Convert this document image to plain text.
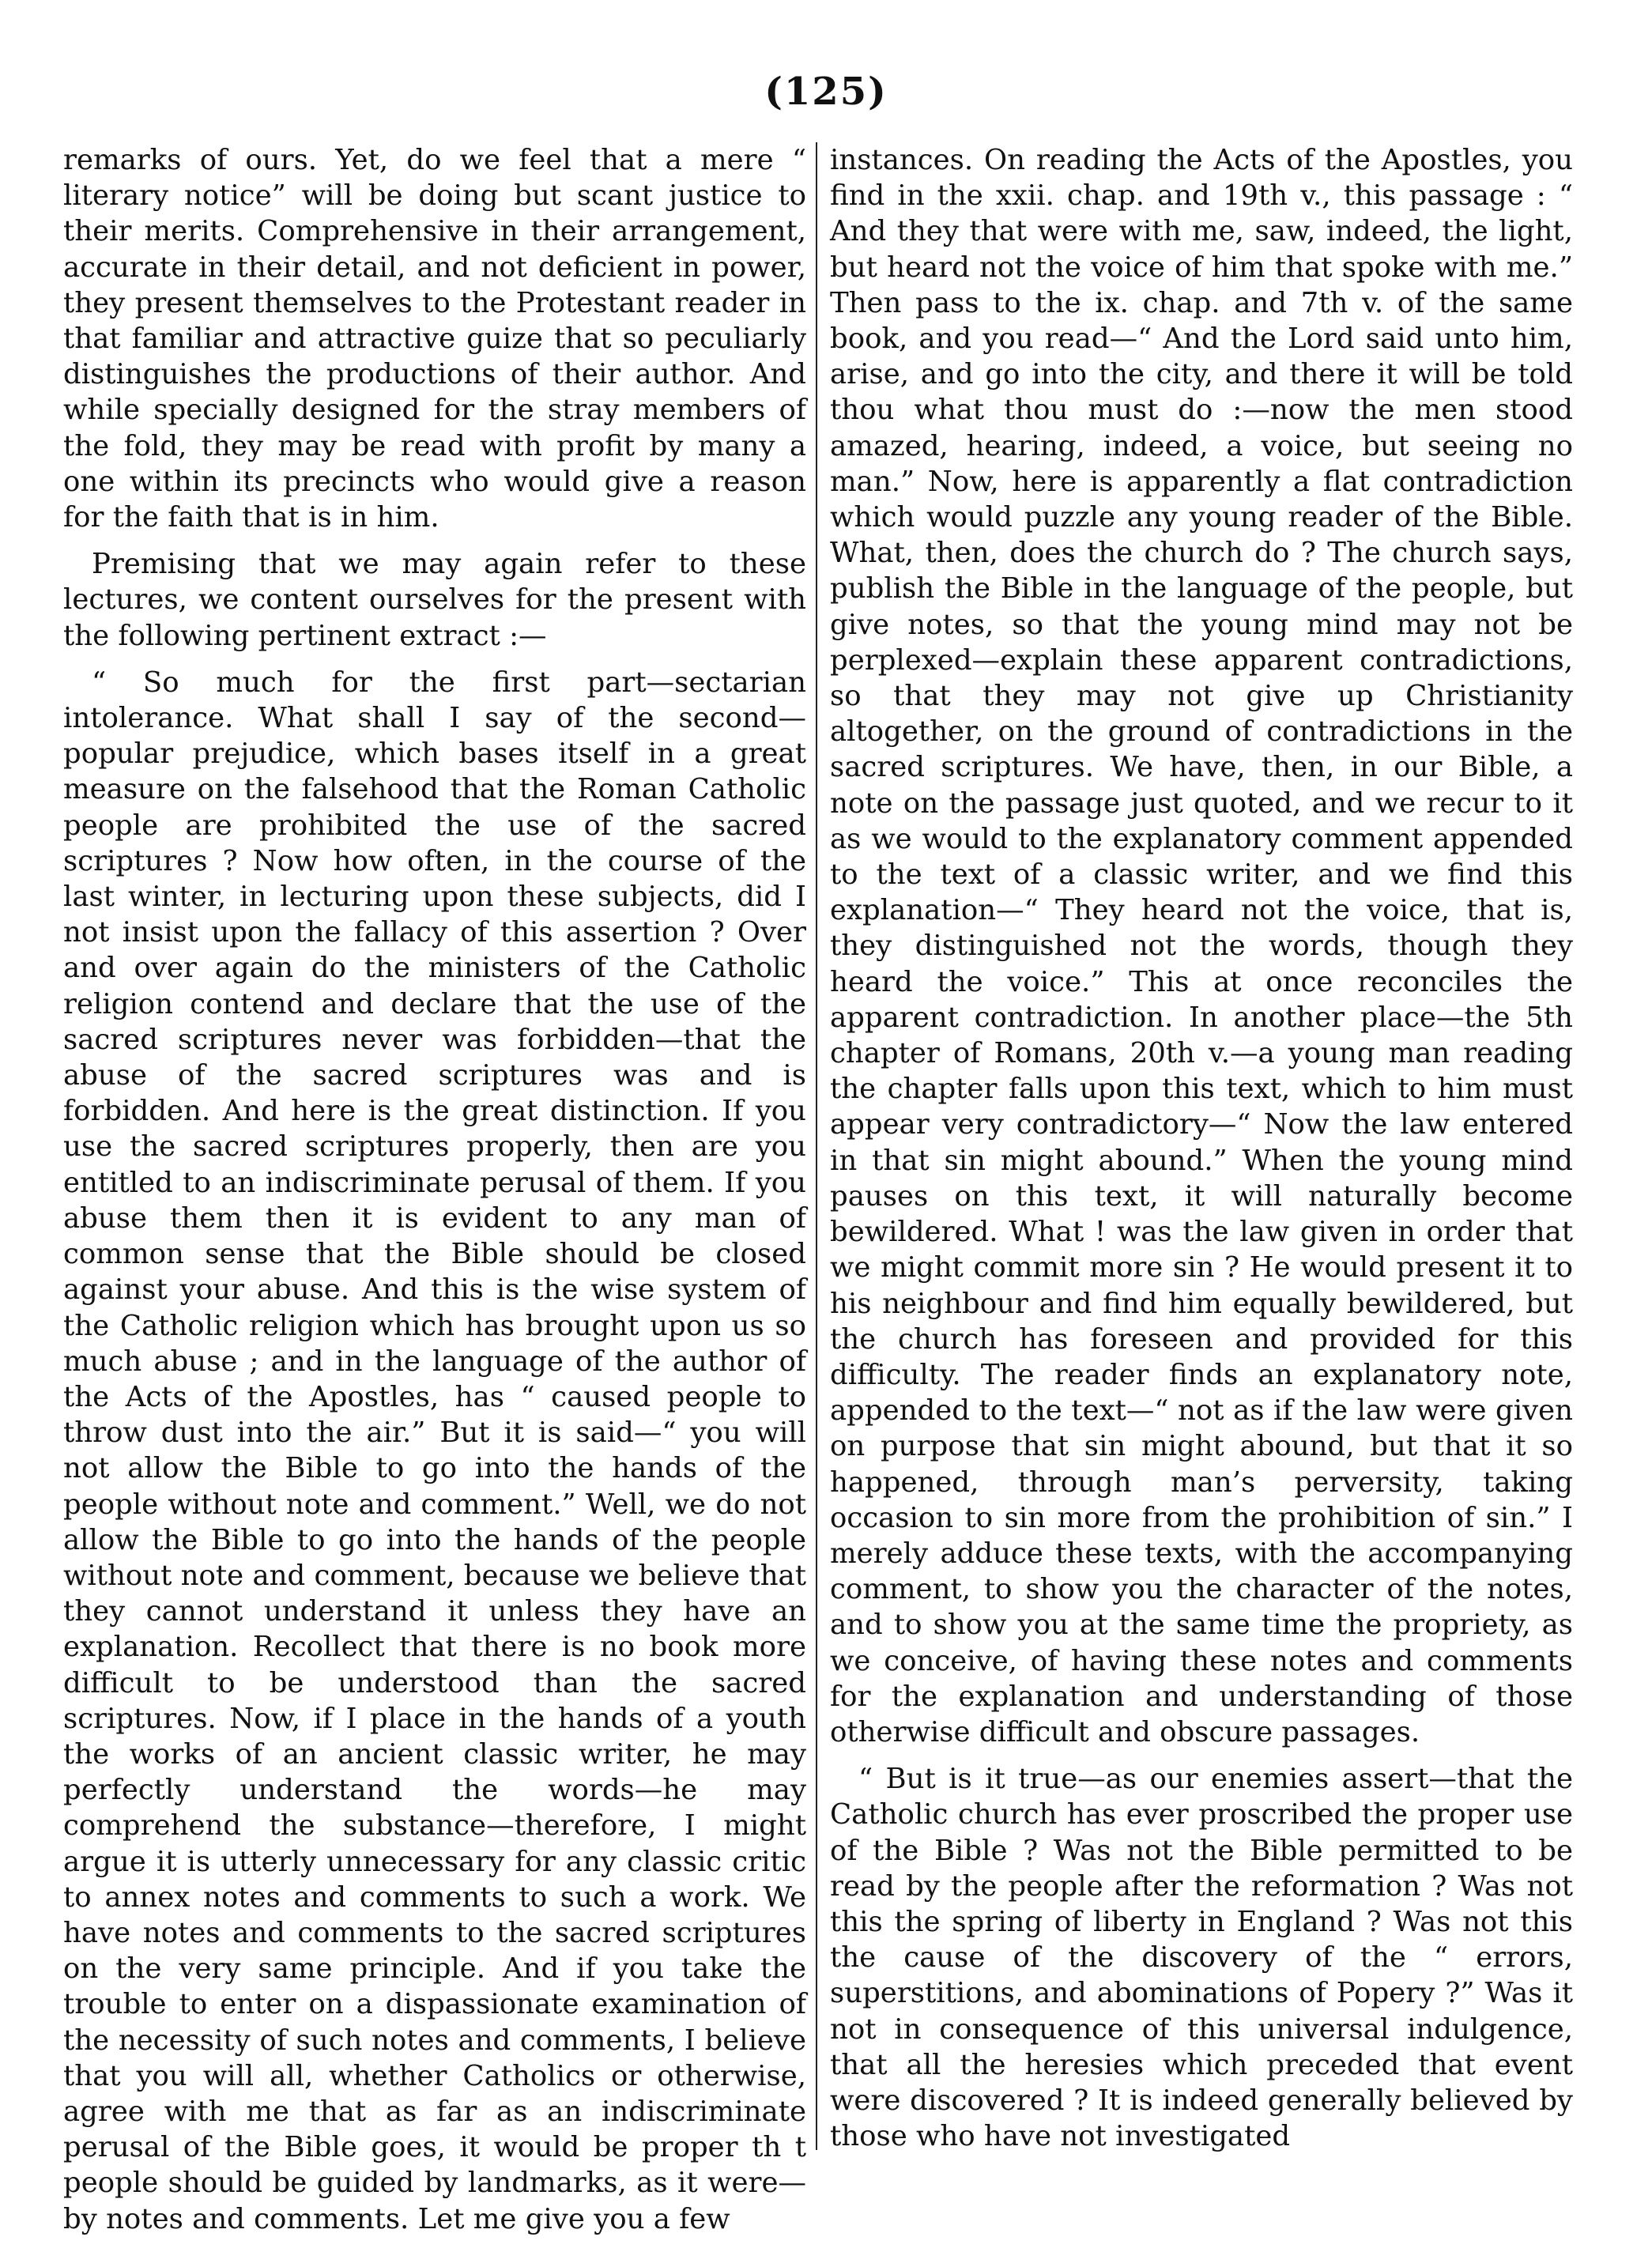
(125)

remarks of ours. Yet, do we feel that a mere “ literary notice” will be doing but scant justice to their merits. Comprehensive in their arrangement, accurate in their detail, and not deficient in power, they present themselves to the Protestant reader in that familiar and attractive guize that so peculiarly distinguishes the productions of their author. And while specially designed for the stray members of the fold, they may be read with profit by many a one within its precincts who would give a reason for the faith that is in him.

Premising that we may again refer to these lectures, we content ourselves for the present with the following pertinent extract :—

“ So much for the first part—sectarian intolerance. What shall I say of the second—popular prejudice, which bases itself in a great measure on the falsehood that the Roman Catholic people are prohibited the use of the sacred scriptures ? Now how often, in the course of the last winter, in lecturing upon these subjects, did I not insist upon the fallacy of this assertion ? Over and over again do the ministers of the Catholic religion contend and declare that the use of the sacred scriptures never was forbidden—that the abuse of the sacred scriptures was and is forbidden. And here is the great distinction. If you use the sacred scriptures properly, then are you entitled to an indiscriminate perusal of them. If you abuse them then it is evident to any man of common sense that the Bible should be closed against your abuse. And this is the wise system of the Catholic religion which has brought upon us so much abuse ; and in the language of the author of the Acts of the Apostles, has “ caused people to throw dust into the air.” But it is said—“ you will not allow the Bible to go into the hands of the people without note and comment.” Well, we do not allow the Bible to go into the hands of the people without note and comment, because we believe that they cannot understand it unless they have an explanation. Recollect that there is no book more difficult to be understood than the sacred scriptures. Now, if I place in the hands of a youth the works of an ancient classic writer, he may perfectly understand the words—he may comprehend the substance—therefore, I might argue it is utterly unnecessary for any classic critic to annex notes and comments to such a work. We have notes and comments to the sacred scriptures on the very same principle. And if you take the trouble to enter on a dispassionate examination of the necessity of such notes and comments, I believe that you will all, whether Catholics or otherwise, agree with me that as far as an indiscriminate perusal of the Bible goes, it would be proper th t people should be guided by landmarks, as it were—by notes and comments. Let me give you a few

instances. On reading the Acts of the Apostles, you find in the xxii. chap. and 19th v., this passage : “ And they that were with me, saw, indeed, the light, but heard not the voice of him that spoke with me.” Then pass to the ix. chap. and 7th v. of the same book, and you read—“ And the Lord said unto him, arise, and go into the city, and there it will be told thou what thou must do :—now the men stood amazed, hearing, indeed, a voice, but seeing no man.” Now, here is apparently a flat contradiction which would puzzle any young reader of the Bible. What, then, does the church do ? The church says, publish the Bible in the language of the people, but give notes, so that the young mind may not be perplexed—explain these apparent contradictions, so that they may not give up Christianity altogether, on the ground of contradictions in the sacred scriptures. We have, then, in our Bible, a note on the passage just quoted, and we recur to it as we would to the explanatory comment appended to the text of a classic writer, and we find this explanation—“ They heard not the voice, that is, they distinguished not the words, though they heard the voice.” This at once reconciles the apparent contradiction. In another place—the 5th chapter of Romans, 20th v.—a young man reading the chapter falls upon this text, which to him must appear very contradictory—“ Now the law entered in that sin might abound.” When the young mind pauses on this text, it will naturally become bewildered. What ! was the law given in order that we might commit more sin ? He would present it to his neighbour and find him equally bewildered, but the church has foreseen and provided for this difficulty. The reader finds an explanatory note, appended to the text—“ not as if the law were given on purpose that sin might abound, but that it so happened, through man’s perversity, taking occasion to sin more from the prohibition of sin.” I merely adduce these texts, with the accompanying comment, to show you the character of the notes, and to show you at the same time the propriety, as we conceive, of having these notes and comments for the explanation and understanding of those otherwise difficult and obscure passages.

“ But is it true—as our enemies assert—that the Catholic church has ever proscribed the proper use of the Bible ? Was not the Bible permitted to be read by the people after the reformation ? Was not this the spring of liberty in England ? Was not this the cause of the discovery of the “ errors, superstitions, and abominations of Popery ?” Was it not in consequence of this universal indulgence, that all the heresies which preceded that event were discovered ? It is indeed generally believed by those who have not investigated
